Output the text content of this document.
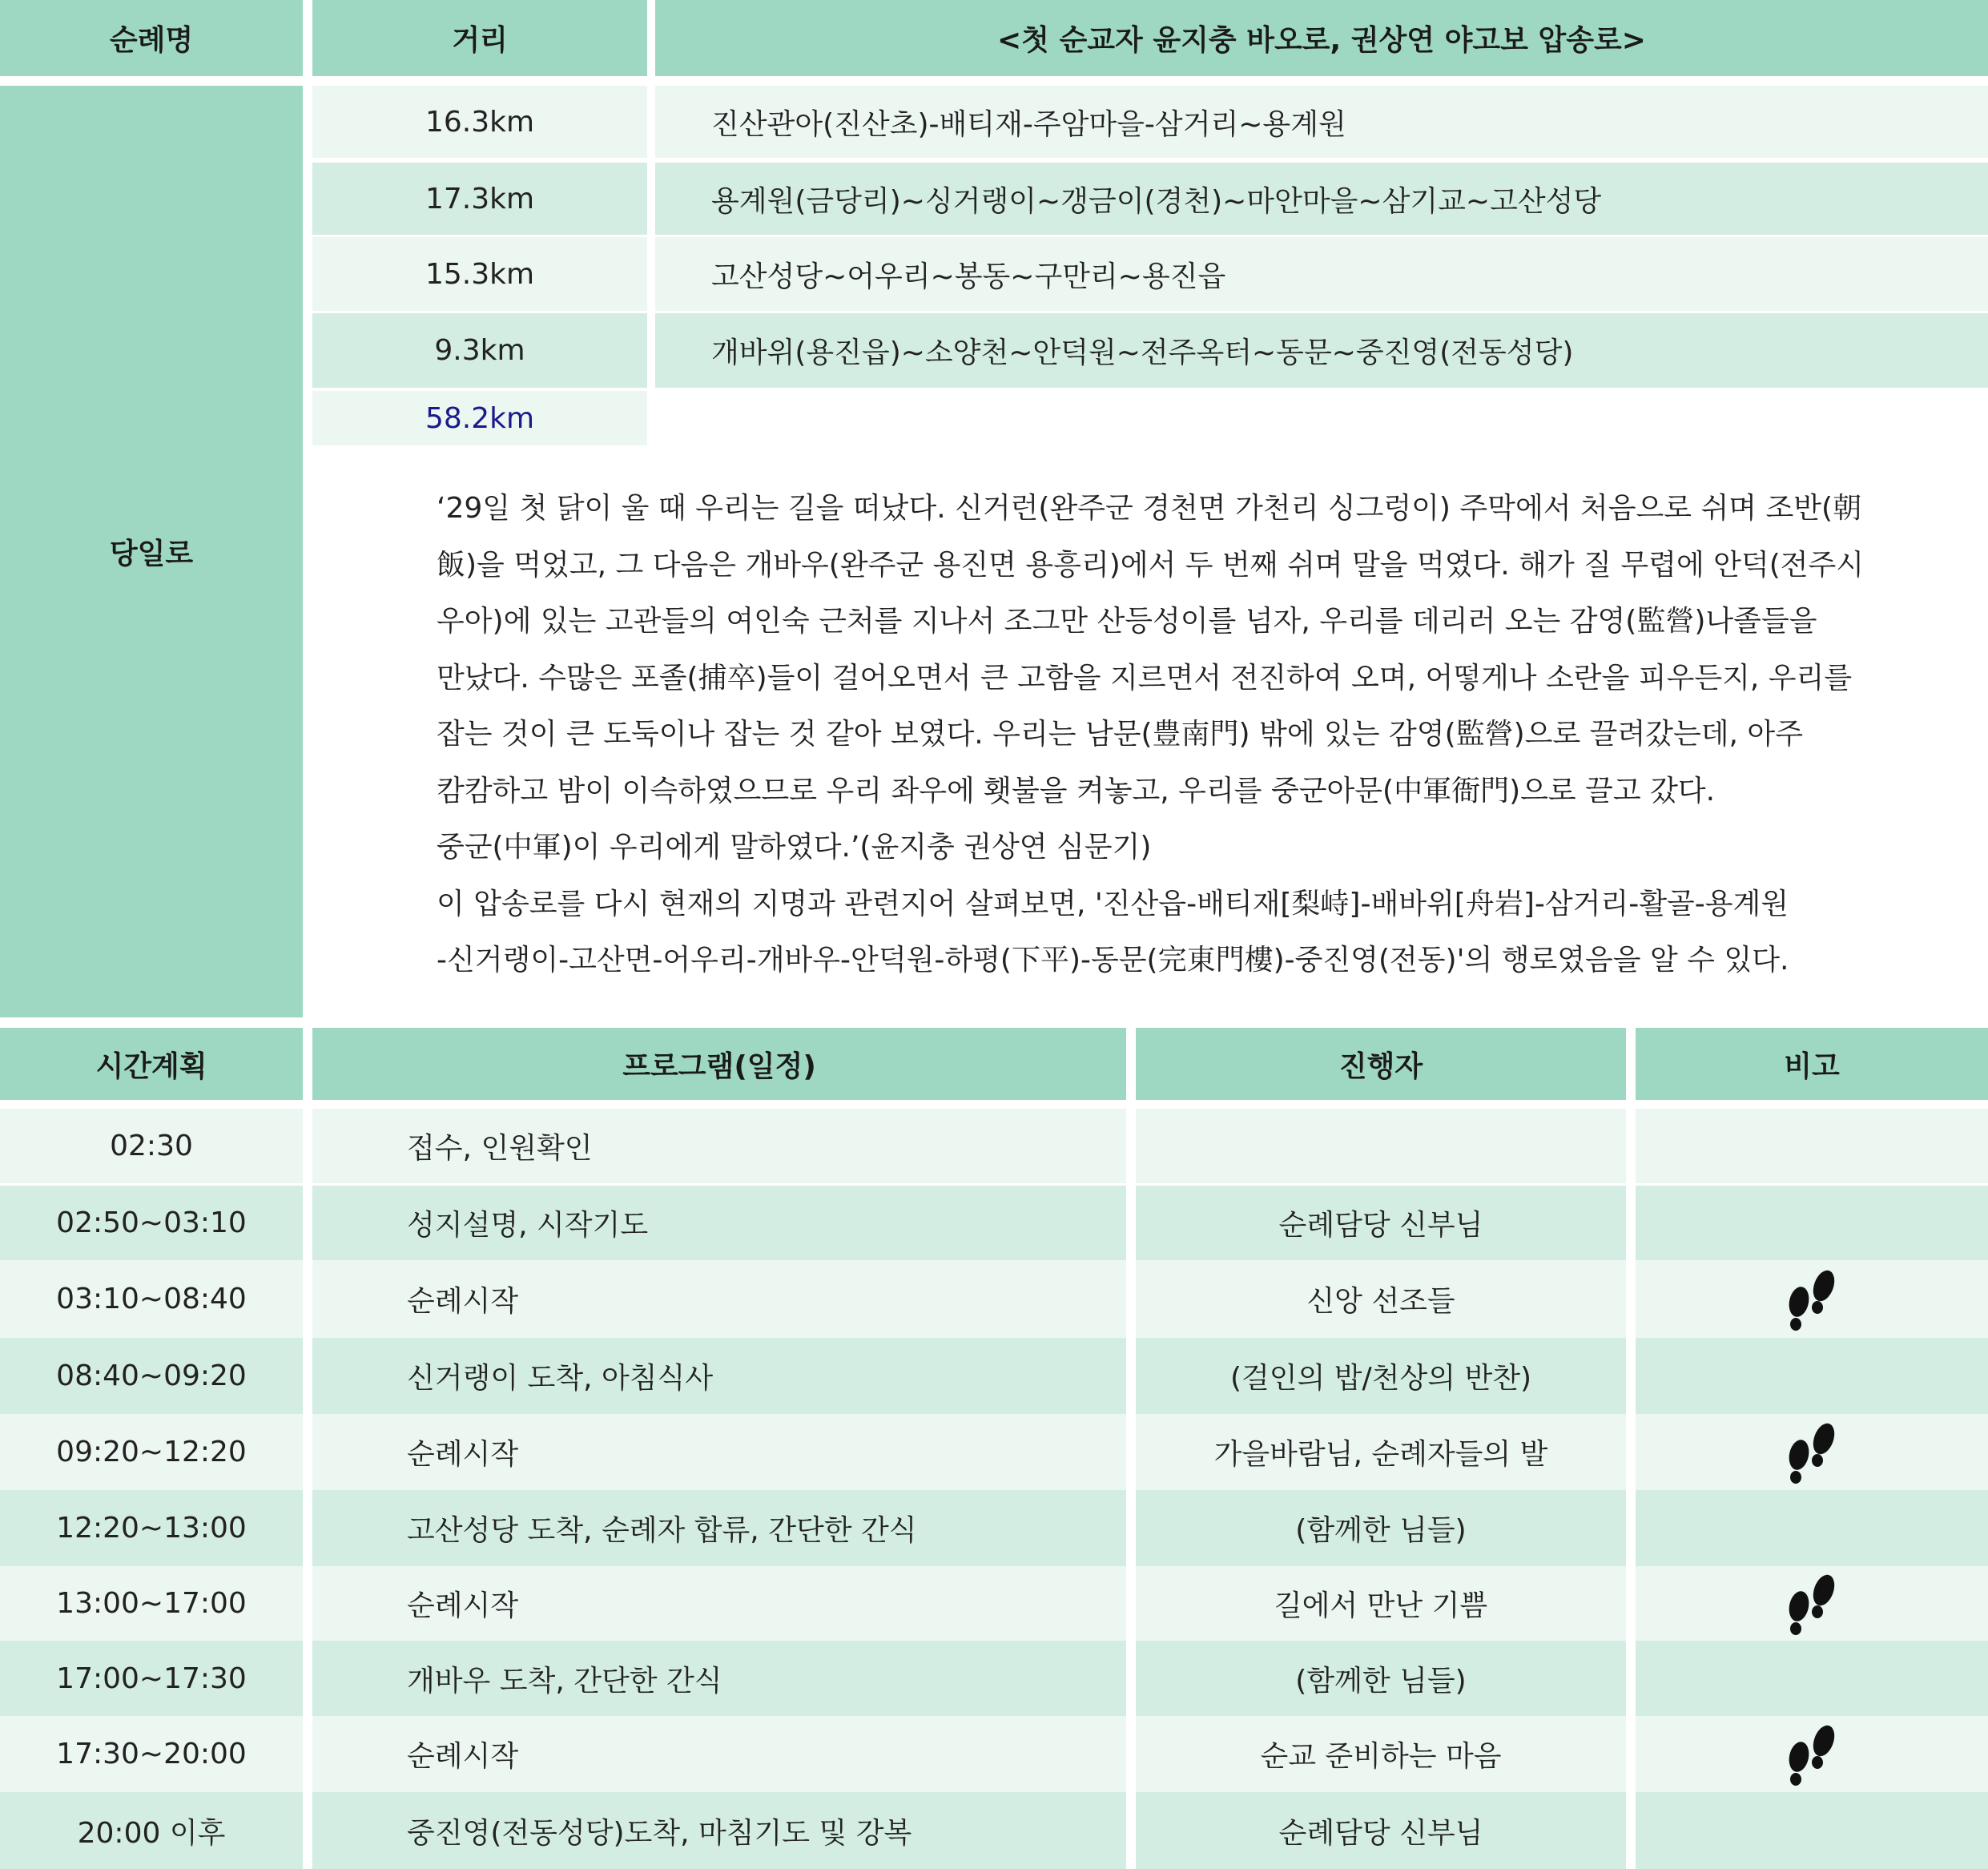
순례명	거리	<첫 순교자 윤지충 바오로, 권상연 야고보 압송로>
당일로
16.3km	진산관아(진산초)-배티재-주암마을-삼거리~용계원
17.3km	용계원(금당리)~싱거랭이~갱금이(경천)~마안마을~삼기교~고산성당
15.3km	고산성당~어우리~봉동~구만리~용진읍
9.3km	개바위(용진읍)~소양천~안덕원~전주옥터~동문~중진영(전동성당)
58.2km
‘29일 첫 닭이 울 때 우리는 길을 떠났다. 신거런(완주군 경천면 가천리 싱그렁이) 주막에서 처음으로 쉬며 조반(朝
飯)을 먹었고, 그 다음은 개바우(완주군 용진면 용흥리)에서 두 번째 쉬며 말을 먹였다. 해가 질 무렵에 안덕(전주시
우아)에 있는 고관들의 여인숙 근처를 지나서 조그만 산등성이를 넘자, 우리를 데리러 오는 감영(監營)나졸들을
만났다. 수많은 포졸(捕卒)들이 걸어오면서 큰 고함을 지르면서 전진하여 오며, 어떻게나 소란을 피우든지, 우리를
잡는 것이 큰 도둑이나 잡는 것 같아 보였다. 우리는 남문(豊南門) 밖에 있는 감영(監營)으로 끌려갔는데, 아주
캄캄하고 밤이 이슥하였으므로 우리 좌우에 횃불을 켜놓고, 우리를 중군아문(中軍衙門)으로 끌고 갔다.
중군(中軍)이 우리에게 말하였다.’(윤지충 권상연 심문기)
이 압송로를 다시 현재의 지명과 관련지어 살펴보면, '진산읍-배티재[梨峙]-배바위[舟岩]-삼거리-활골-용계원
-신거랭이-고산면-어우리-개바우-안덕원-하평(下平)-동문(完東門樓)-중진영(전동)'의 행로였음을 알 수 있다.
시간계획	프로그램(일정)	진행자	비고
02:30	접수, 인원확인
02:50~03:10	성지설명, 시작기도	순례담당 신부님
03:10~08:40	순례시작	신앙 선조들
08:40~09:20	신거랭이 도착, 아침식사	(걸인의 밥/천상의 반찬)
09:20~12:20	순례시작	가을바람님, 순례자들의 발
12:20~13:00	고산성당 도착, 순례자 합류, 간단한 간식	(함께한 님들)
13:00~17:00	순례시작	길에서 만난 기쁨
17:00~17:30	개바우 도착, 간단한 간식	(함께한 님들)
17:30~20:00	순례시작	순교 준비하는 마음
20:00 이후	중진영(전동성당)도착, 마침기도 및 강복	순례담당 신부님
